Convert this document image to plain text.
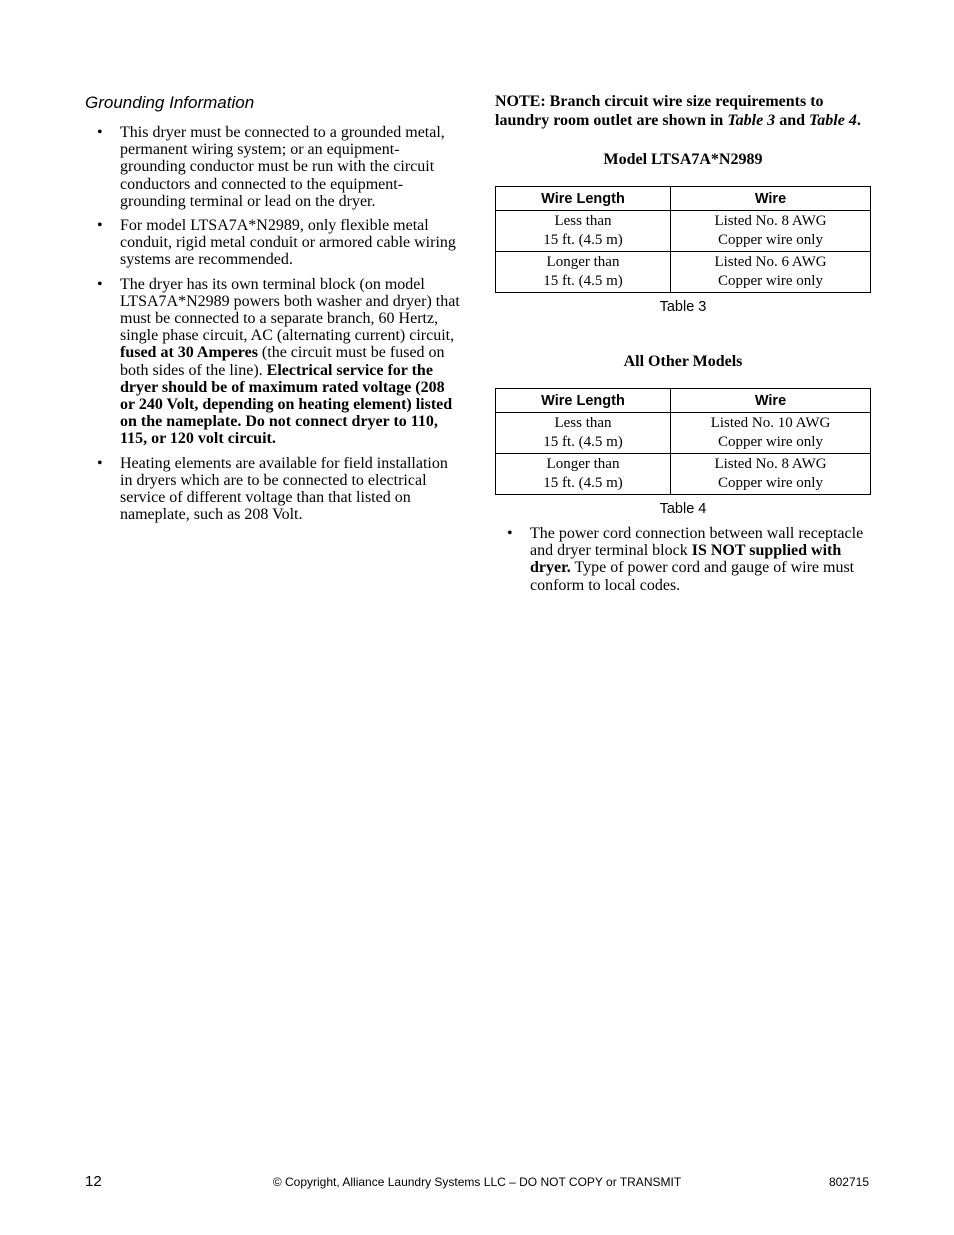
Grounding Information
• This dryer must be connected to a grounded metal, permanent wiring system; or an equipment-grounding conductor must be run with the circuit conductors and connected to the equipment-grounding terminal or lead on the dryer.
• For model LTSA7A*N2989, only flexible metal conduit, rigid metal conduit or armored cable wiring systems are recommended.
• The dryer has its own terminal block (on model LTSA7A*N2989 powers both washer and dryer) that must be connected to a separate branch, 60 Hertz, single phase circuit, AC (alternating current) circuit, fused at 30 Amperes (the circuit must be fused on both sides of the line). Electrical service for the dryer should be of maximum rated voltage (208 or 240 Volt, depending on heating element) listed on the nameplate. Do not connect dryer to 110, 115, or 120 volt circuit.
• Heating elements are available for field installation in dryers which are to be connected to electrical service of different voltage than that listed on nameplate, such as 208 Volt.

NOTE: Branch circuit wire size requirements to laundry room outlet are shown in Table 3 and Table 4.

Model LTSA7A*N2989
Wire Length	Wire
Less than
15 ft. (4.5 m)	Listed No. 8 AWG
Copper wire only
Longer than
15 ft. (4.5 m)	Listed No. 6 AWG
Copper wire only
Table 3
All Other Models
Wire Length	Wire
Less than
15 ft. (4.5 m)	Listed No. 10 AWG
Copper wire only
Longer than
15 ft. (4.5 m)	Listed No. 8 AWG
Copper wire only
Table 4
• The power cord connection between wall receptacle and dryer terminal block IS NOT supplied with dryer. Type of power cord and gauge of wire must conform to local codes.
12	© Copyright, Alliance Laundry Systems LLC – DO NOT COPY or TRANSMIT	802715
